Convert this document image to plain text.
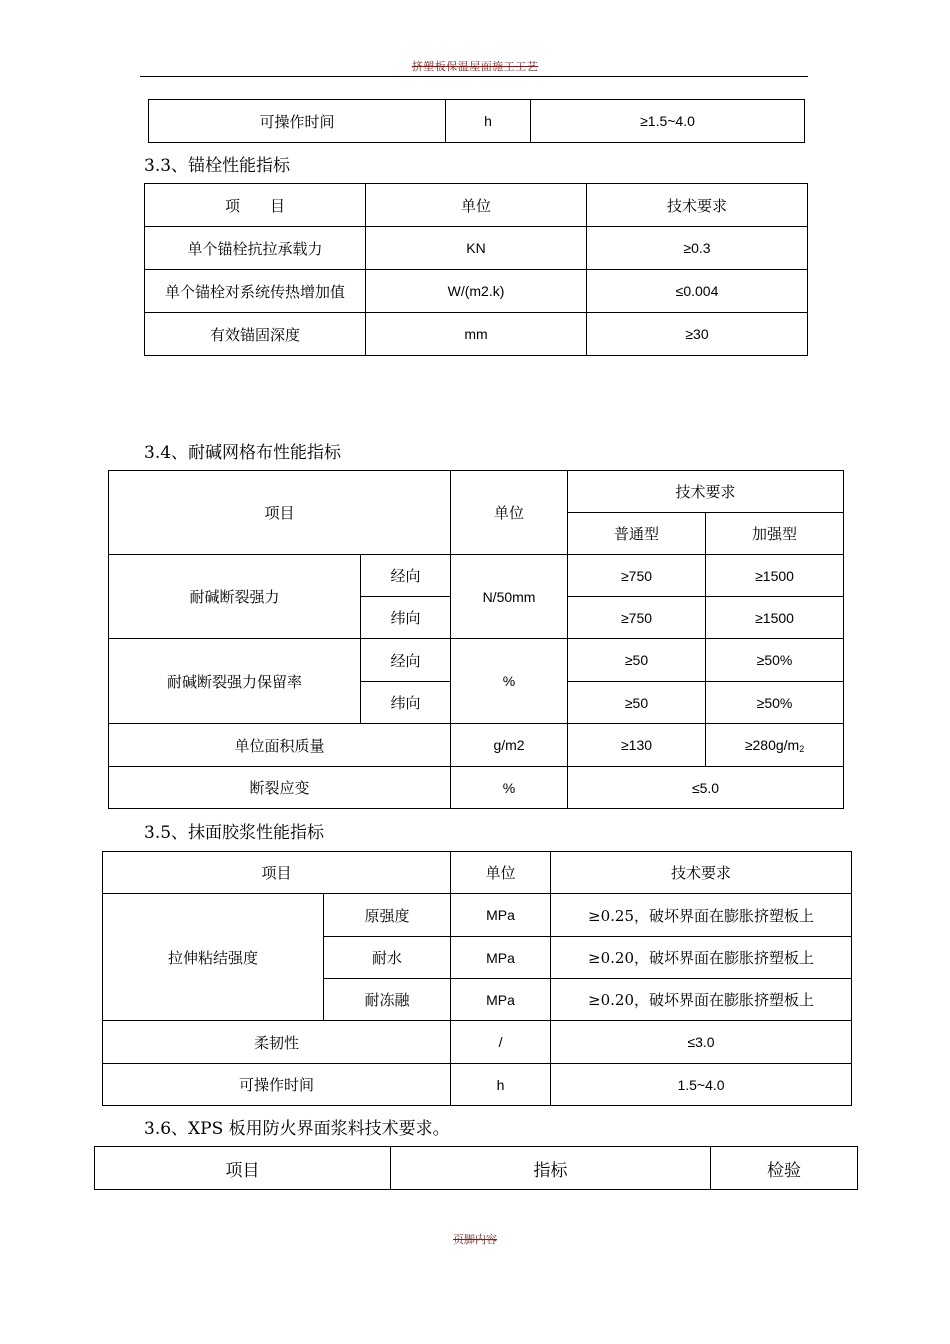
挤塑板保温屋面施工工艺
可操作时间	h	≥1.5~4.0
3.3、锚栓性能指标
项　　目	单位	技术要求
单个锚栓抗拉承载力	KN	≥0.3
单个锚栓对系统传热增加值	W/(m2.k)	≤0.004
有效锚固深度	mm	≥30
3.4、耐碱网格布性能指标
项目		单位	技术要求	
			普通型	加强型
耐碱断裂强力	经向	N/50mm	≥750	≥1500
	纬向		≥750	≥1500
耐碱断裂强力保留率	经向	%	≥50	≥50%
	纬向		≥50	≥50%
单位面积质量		g/m2	≥130	$\ge 280g/m_2$
断裂应变		%	≤5.0	
3.5、抹面胶浆性能指标
项目		单位	技术要求
拉伸粘结强度	原强度	MPa	≥0.25，破坏界面在膨胀挤塑板上
	耐水	MPa	≥0.20，破坏界面在膨胀挤塑板上
	耐冻融	MPa	≥0.20，破坏界面在膨胀挤塑板上
柔韧性		/	≤3.0
可操作时间		h	1.5~4.0
3.6、XPS 板用防火界面浆料技术要求。
项目	指标	检验
页脚内容
